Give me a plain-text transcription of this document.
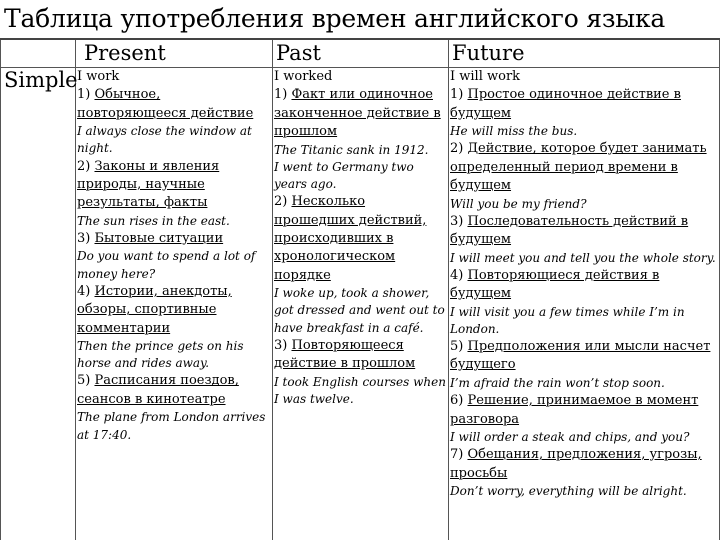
Таблица употребления времен английского языка
Present	Past	Future
Simple I work

1) Обычное, повторяющееся действие

I always close the window at night.

2) Законы и явления природы, научные результаты, факты

The sun rises in the east.

3) Бытовые ситуации

Do you want to spend a lot of money here?

4) Истории, анекдоты, обзоры, спортивные комментарии

Then the prince gets on his horse and rides away.

5) Расписания поездов, сеансов в кинотеатре

The plane from London arrives at 17:40.

I worked

1) Факт или одиночное законченное действие в прошлом

The Titanic sank in 1912.

I went to Germany two years ago.

2) Несколько прошедших действий, происходивших в хронологическом порядке

I woke up, took a shower, got dressed and went out to have breakfast in a café.

3) Повторяющееся действие в прошлом

I took English courses when I was twelve.

I will work

1) Простое одиночное действие в будущем

He will miss the bus.

2) Действие, которое будет занимать определенный период времени в будущем

Will you be my friend?

3) Последовательность действий в будущем

I will meet you and tell you the whole story.

4) Повторяющиеся действия в будущем

I will visit you a few times while I’m in London.

5) Предположения или мысли насчет будущего

I’m afraid the rain won’t stop soon.

6) Решение, принимаемое в момент разговора

I will order a steak and chips, and you?

7) Обещания, предложения, угрозы, просьбы

Don’t worry, everything will be alright.
